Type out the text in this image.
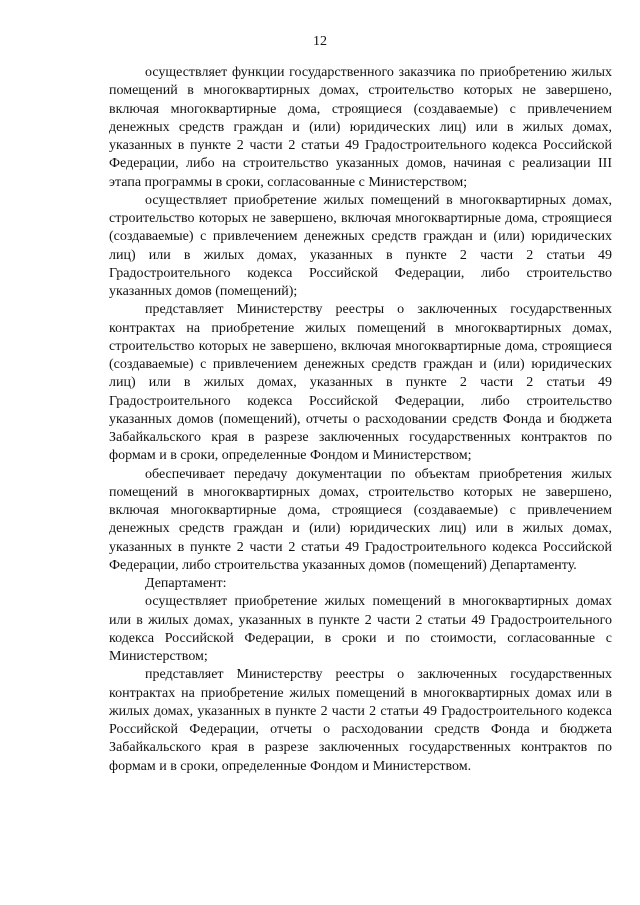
12

осуществляет функции государственного заказчика по приобретению жилых помещений в многоквартирных домах, строительство которых не завершено, включая многоквартирные дома, строящиеся (создаваемые) с привлечением денежных средств граждан и (или) юридических лиц) или в жилых домах, указанных в пункте 2 части 2 статьи 49 Градостроительного кодекса Российской Федерации, либо на строительство указанных домов, начиная с реализации III этапа программы в сроки, согласованные с Министерством;

осуществляет приобретение жилых помещений в многоквартирных домах, строительство которых не завершено, включая многоквартирные дома, строящиеся (создаваемые) с привлечением денежных средств граждан и (или) юридических лиц) или в жилых домах, указанных в пункте 2 части 2 статьи 49 Градостроительного кодекса Российской Федерации, либо строительство указанных домов (помещений);

представляет Министерству реестры о заключенных государственных контрактах на приобретение жилых помещений в многоквартирных домах, строительство которых не завершено, включая многоквартирные дома, строящиеся (создаваемые) с привлечением денежных средств граждан и (или) юридических лиц) или в жилых домах, указанных в пункте 2 части 2 статьи 49 Градостроительного кодекса Российской Федерации, либо строительство указанных домов (помещений), отчеты о расходовании средств Фонда и бюджета Забайкальского края в разрезе заключенных государственных контрактов по формам и в сроки, определенные Фондом и Министерством;

обеспечивает передачу документации по объектам приобретения жилых помещений в многоквартирных домах, строительство которых не завершено, включая многоквартирные дома, строящиеся (создаваемые) с привлечением денежных средств граждан и (или) юридических лиц) или в жилых домах, указанных в пункте 2 части 2 статьи 49 Градостроительного кодекса Российской Федерации, либо строительства указанных домов (помещений) Департаменту.

Департамент:

осуществляет приобретение жилых помещений в многоквартирных домах или в жилых домах, указанных в пункте 2 части 2 статьи 49 Градостроительного кодекса Российской Федерации, в сроки и по стоимости, согласованные с Министерством;

представляет Министерству реестры о заключенных государственных контрактах на приобретение жилых помещений в многоквартирных домах или в жилых домах, указанных в пункте 2 части 2 статьи 49 Градостроительного кодекса Российской Федерации, отчеты о расходовании средств Фонда и бюджета Забайкальского края в разрезе заключенных государственных контрактов по формам и в сроки, определенные Фондом и Министерством.
